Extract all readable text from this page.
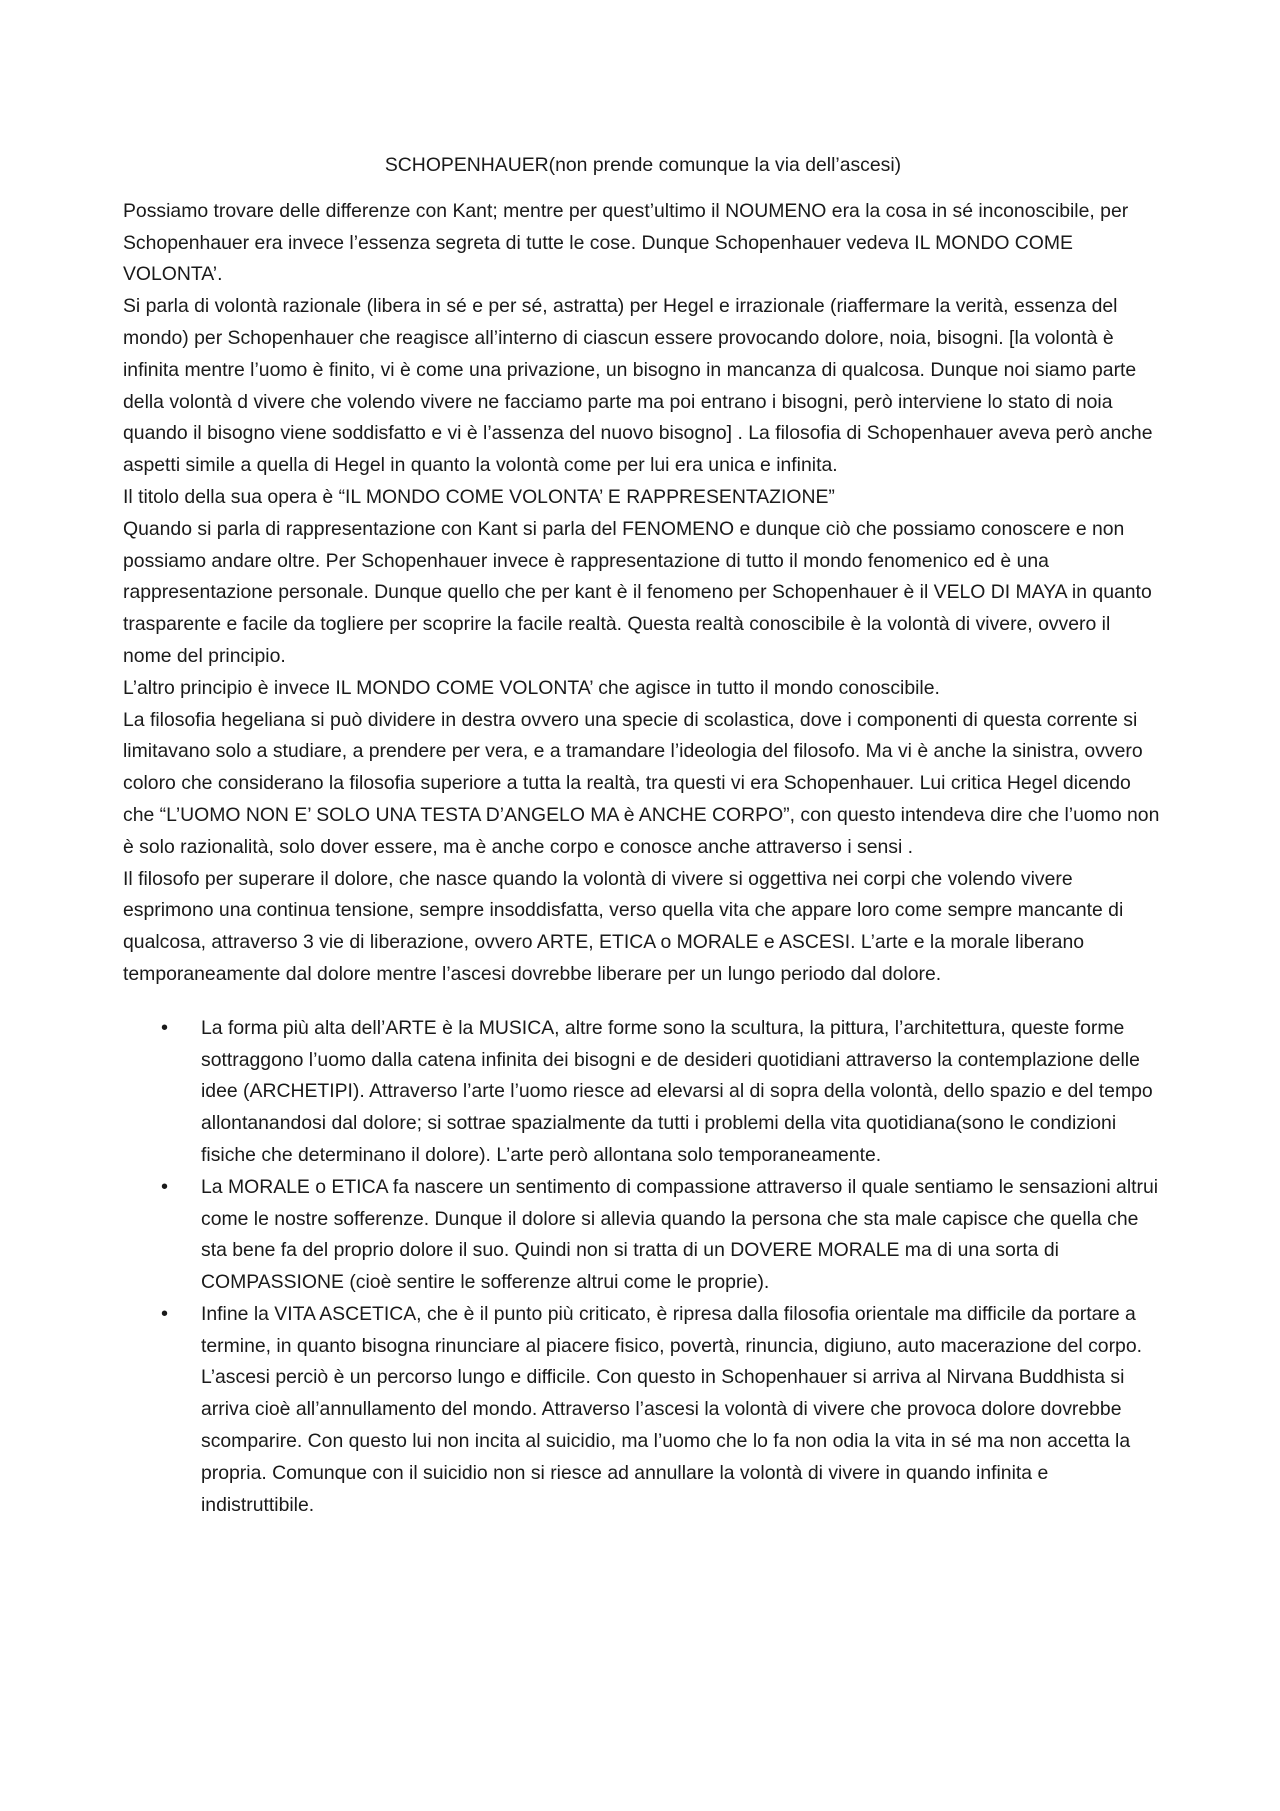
SCHOPENHAUER(non prende comunque la via dell’ascesi)

Possiamo trovare delle differenze con Kant; mentre per quest’ultimo il NOUMENO era la cosa in sé inconoscibile, per Schopenhauer era invece l’essenza segreta di tutte le cose. Dunque Schopenhauer vedeva IL MONDO COME VOLONTA’.

Si parla di volontà razionale (libera in sé e per sé, astratta) per Hegel e irrazionale (riaffermare la verità, essenza del mondo) per Schopenhauer che reagisce all’interno di ciascun essere provocando dolore, noia, bisogni. [la volontà è infinita mentre l’uomo è finito, vi è come una privazione, un bisogno in mancanza di qualcosa. Dunque noi siamo parte della volontà d vivere che volendo vivere ne facciamo parte ma poi entrano i bisogni, però interviene lo stato di noia quando il bisogno viene soddisfatto e vi è l’assenza del nuovo bisogno] . La filosofia di Schopenhauer aveva però anche aspetti simile a quella di Hegel in quanto la volontà come per lui era unica e infinita.

Il titolo della sua opera è “IL MONDO COME VOLONTA’ E RAPPRESENTAZIONE”

Quando si parla di rappresentazione con Kant si parla del FENOMENO e dunque ciò che possiamo conoscere e non possiamo andare oltre. Per Schopenhauer invece è rappresentazione di tutto il mondo fenomenico ed è una rappresentazione personale. Dunque quello che per kant è il fenomeno per Schopenhauer è il VELO DI MAYA in quanto trasparente e facile da togliere per scoprire la facile realtà. Questa realtà conoscibile è la volontà di vivere, ovvero il nome del principio.

L’altro principio è invece IL MONDO COME VOLONTA’ che agisce in tutto il mondo conoscibile.

La filosofia hegeliana si può dividere in destra ovvero una specie di scolastica, dove i componenti di questa corrente si limitavano solo a studiare, a prendere per vera, e a tramandare l’ideologia del filosofo. Ma vi è anche la sinistra, ovvero coloro che considerano la filosofia superiore a tutta la realtà, tra questi vi era Schopenhauer. Lui critica Hegel dicendo che “L’UOMO NON E’ SOLO UNA TESTA D’ANGELO MA è ANCHE CORPO”, con questo intendeva dire che l’uomo non è solo razionalità, solo dover essere, ma è anche corpo e conosce anche attraverso i sensi .

Il filosofo per superare il dolore, che nasce quando la volontà di vivere si oggettiva nei corpi che volendo vivere esprimono una continua tensione, sempre insoddisfatta, verso quella vita che appare loro come sempre mancante di qualcosa, attraverso 3 vie di liberazione, ovvero ARTE, ETICA o MORALE e ASCESI. L’arte e la morale liberano temporaneamente dal dolore mentre l’ascesi dovrebbe liberare per un lungo periodo dal dolore.

• La forma più alta dell’ARTE è la MUSICA, altre forme sono la scultura, la pittura, l’architettura, queste forme sottraggono l’uomo dalla catena infinita dei bisogni e de desideri quotidiani attraverso la contemplazione delle idee (ARCHETIPI). Attraverso l’arte l’uomo riesce ad elevarsi al di sopra della volontà, dello spazio e del tempo allontanandosi dal dolore; si sottrae spazialmente da tutti i problemi della vita quotidiana(sono le condizioni fisiche che determinano il dolore). L’arte però allontana solo temporaneamente.
• La MORALE o ETICA fa nascere un sentimento di compassione attraverso il quale sentiamo le sensazioni altrui come le nostre sofferenze. Dunque il dolore si allevia quando la persona che sta male capisce che quella che sta bene fa del proprio dolore il suo. Quindi non si tratta di un DOVERE MORALE ma di una sorta di COMPASSIONE (cioè sentire le sofferenze altrui come le proprie).
• Infine la VITA ASCETICA, che è il punto più criticato, è ripresa dalla filosofia orientale ma difficile da portare a termine, in quanto bisogna rinunciare al piacere fisico, povertà, rinuncia, digiuno, auto macerazione del corpo. L’ascesi perciò è un percorso lungo e difficile. Con questo in Schopenhauer si arriva al Nirvana Buddhista si arriva cioè all’annullamento del mondo. Attraverso l’ascesi la volontà di vivere che provoca dolore dovrebbe scomparire. Con questo lui non incita al suicidio, ma l’uomo che lo fa non odia la vita in sé ma non accetta la propria. Comunque con il suicidio non si riesce ad annullare la volontà di vivere in quando infinita e indistruttibile.
